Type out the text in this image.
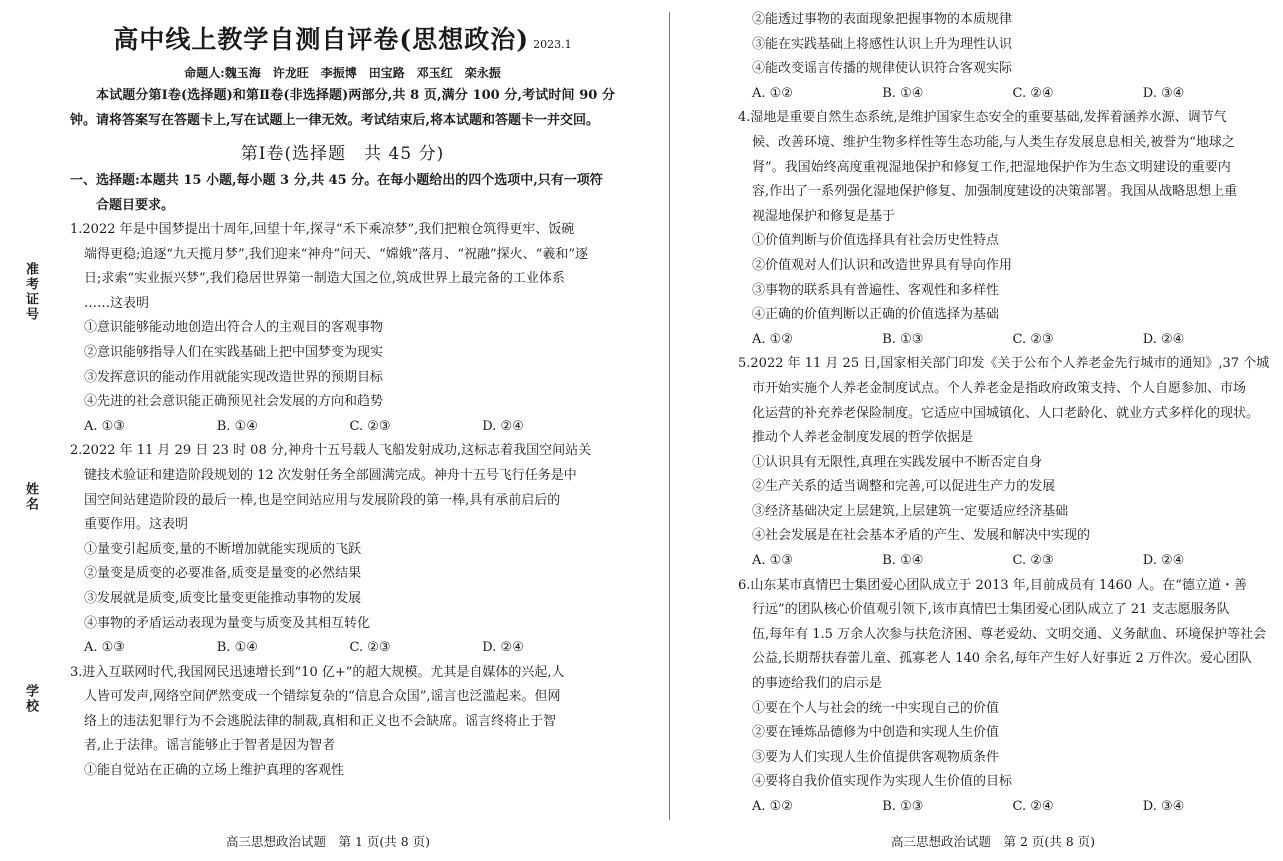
准考证号
姓名
学校
高中线上教学自测自评卷(思想政治) 2023.1
命题人:魏玉海　许龙旺　李振博　田宝路　邓玉红　栾永振
本试题分第Ⅰ卷(选择题)和第Ⅱ卷(非选择题)两部分,共 8 页,满分 100 分,考试时间 90 分钟。请将答案写在答题卡上,写在试题上一律无效。考试结束后,将本试题和答题卡一并交回。
第Ⅰ卷(选择题　共 45 分)
一、选择题:本题共 15 小题,每小题 3 分,共 45 分。在每小题给出的四个选项中,只有一项符合题目要求。
1.2022 年是中国梦提出十周年,回望十年,探寻“禾下乘凉梦”,我们把粮仓筑得更牢、饭碗
端得更稳;追逐“九天揽月梦”,我们迎来“神舟”问天、“嫦娥”落月、“祝融”探火、“羲和”逐
日;求索“实业振兴梦”,我们稳居世界第一制造大国之位,筑成世界上最完备的工业体系
……这表明
①意识能够能动地创造出符合人的主观目的客观事物
②意识能够指导人们在实践基础上把中国梦变为现实
③发挥意识的能动作用就能实现改造世界的预期目标
④先进的社会意识能正确预见社会发展的方向和趋势
A. ①③	B. ①④	C. ②③	D. ②④
2.2022 年 11 月 29 日 23 时 08 分,神舟十五号载人飞船发射成功,这标志着我国空间站关
键技术验证和建造阶段规划的 12 次发射任务全部圆满完成。神舟十五号飞行任务是中
国空间站建造阶段的最后一棒,也是空间站应用与发展阶段的第一棒,具有承前启后的
重要作用。这表明
①量变引起质变,量的不断增加就能实现质的飞跃
②量变是质变的必要准备,质变是量变的必然结果
③发展就是质变,质变比量变更能推动事物的发展
④事物的矛盾运动表现为量变与质变及其相互转化
A. ①③	B. ①④	C. ②③	D. ②④
3.进入互联网时代,我国网民迅速增长到“10 亿+”的超大规模。尤其是自媒体的兴起,人
人皆可发声,网络空间俨然变成一个错综复杂的“信息合众国”,谣言也泛滥起来。但网
络上的违法犯罪行为不会逃脱法律的制裁,真相和正义也不会缺席。谣言终将止于智
者,止于法律。谣言能够止于智者是因为智者
①能自觉站在正确的立场上维护真理的客观性
高三思想政治试题　第 1 页(共 8 页)
②能透过事物的表面现象把握事物的本质规律
③能在实践基础上将感性认识上升为理性认识
④能改变谣言传播的规律使认识符合客观实际
A. ①②	B. ①④	C. ②④	D. ③④
4.湿地是重要自然生态系统,是维护国家生态安全的重要基础,发挥着涵养水源、调节气
候、改善环境、维护生物多样性等生态功能,与人类生存发展息息相关,被誉为“地球之
肾”。我国始终高度重视湿地保护和修复工作,把湿地保护作为生态文明建设的重要内
容,作出了一系列强化湿地保护修复、加强制度建设的决策部署。我国从战略思想上重
视湿地保护和修复是基于
①价值判断与价值选择具有社会历史性特点
②价值观对人们认识和改造世界具有导向作用
③事物的联系具有普遍性、客观性和多样性
④正确的价值判断以正确的价值选择为基础
A. ①②	B. ①③	C. ②③	D. ②④
5.2022 年 11 月 25 日,国家相关部门印发《关于公布个人养老金先行城市的通知》,37 个城
市开始实施个人养老金制度试点。个人养老金是指政府政策支持、个人自愿参加、市场
化运营的补充养老保险制度。它适应中国城镇化、人口老龄化、就业方式多样化的现状。
推动个人养老金制度发展的哲学依据是
①认识具有无限性,真理在实践发展中不断否定自身
②生产关系的适当调整和完善,可以促进生产力的发展
③经济基础决定上层建筑,上层建筑一定要适应经济基础
④社会发展是在社会基本矛盾的产生、发展和解决中实现的
A. ①③	B. ①④	C. ②③	D. ②④
6.山东某市真情巴士集团爱心团队成立于 2013 年,目前成员有 1460 人。在“德立道・善
行远”的团队核心价值观引领下,该市真情巴士集团爱心团队成立了 21 支志愿服务队
伍,每年有 1.5 万余人次参与扶危济困、尊老爱幼、文明交通、义务献血、环境保护等社会
公益,长期帮扶春蕾儿童、孤寡老人 140 余名,每年产生好人好事近 2 万件次。爱心团队
的事迹给我们的启示是
①要在个人与社会的统一中实现自己的价值
②要在锤炼品德修为中创造和实现人生价值
③要为人们实现人生价值提供客观物质条件
④要将自我价值实现作为实现人生价值的目标
A. ①②	B. ①③	C. ②④	D. ③④
高三思想政治试题　第 2 页(共 8 页)
